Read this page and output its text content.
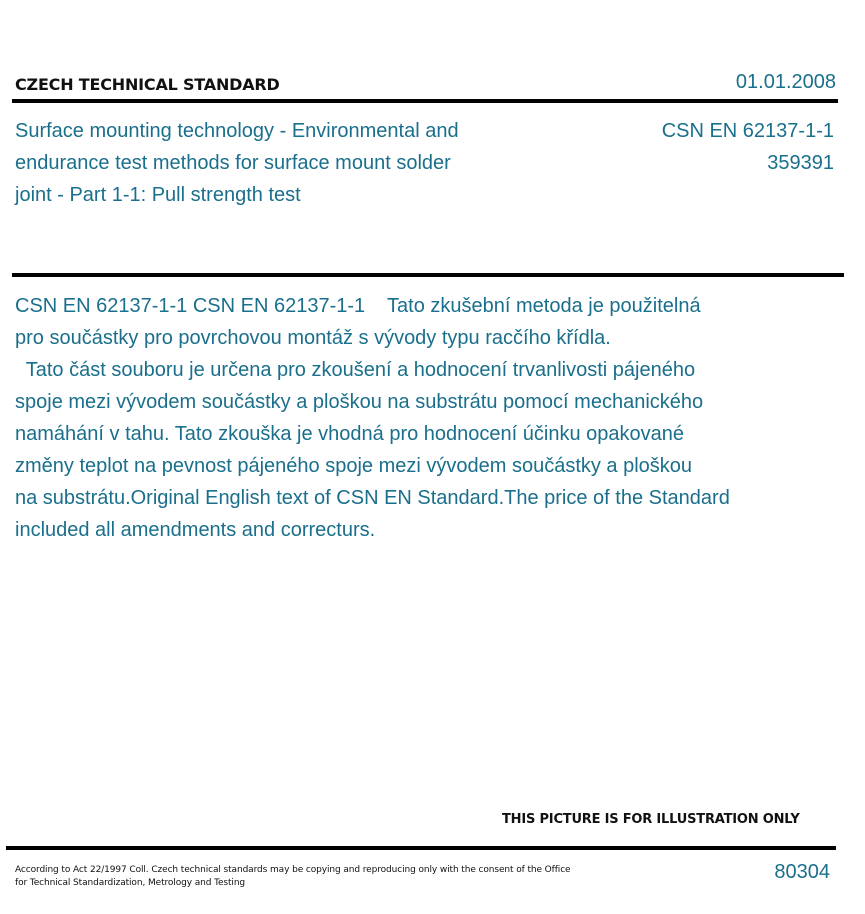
CZECH TECHNICAL STANDARD	01.01.2008
Surface mounting technology - Environmental and
endurance test methods for surface mount solder
joint - Part 1-1: Pull strength test
CSN EN 62137-1-1
359391
CSN EN 62137-1-1 CSN EN 62137-1-1    Tato zkušební metoda je použitelná
pro součástky pro povrchovou montáž s vývody typu racčího křídla.
Tato část souboru je určena pro zkoušení a hodnocení trvanlivosti pájeného
spoje mezi vývodem součástky a ploškou na substrátu pomocí mechanického
namáhání v tahu. Tato zkouška je vhodná pro hodnocení účinku opakované
změny teplot na pevnost pájeného spoje mezi vývodem součástky a ploškou
na substrátu.Original English text of CSN EN Standard.The price of the Standard
included all amendments and correcturs.
THIS PICTURE IS FOR ILLUSTRATION ONLY
According to Act 22/1997 Coll. Czech technical standards may be copying and reproducing only with the consent of the Office
for Technical Standardization, Metrology and Testing	80304
